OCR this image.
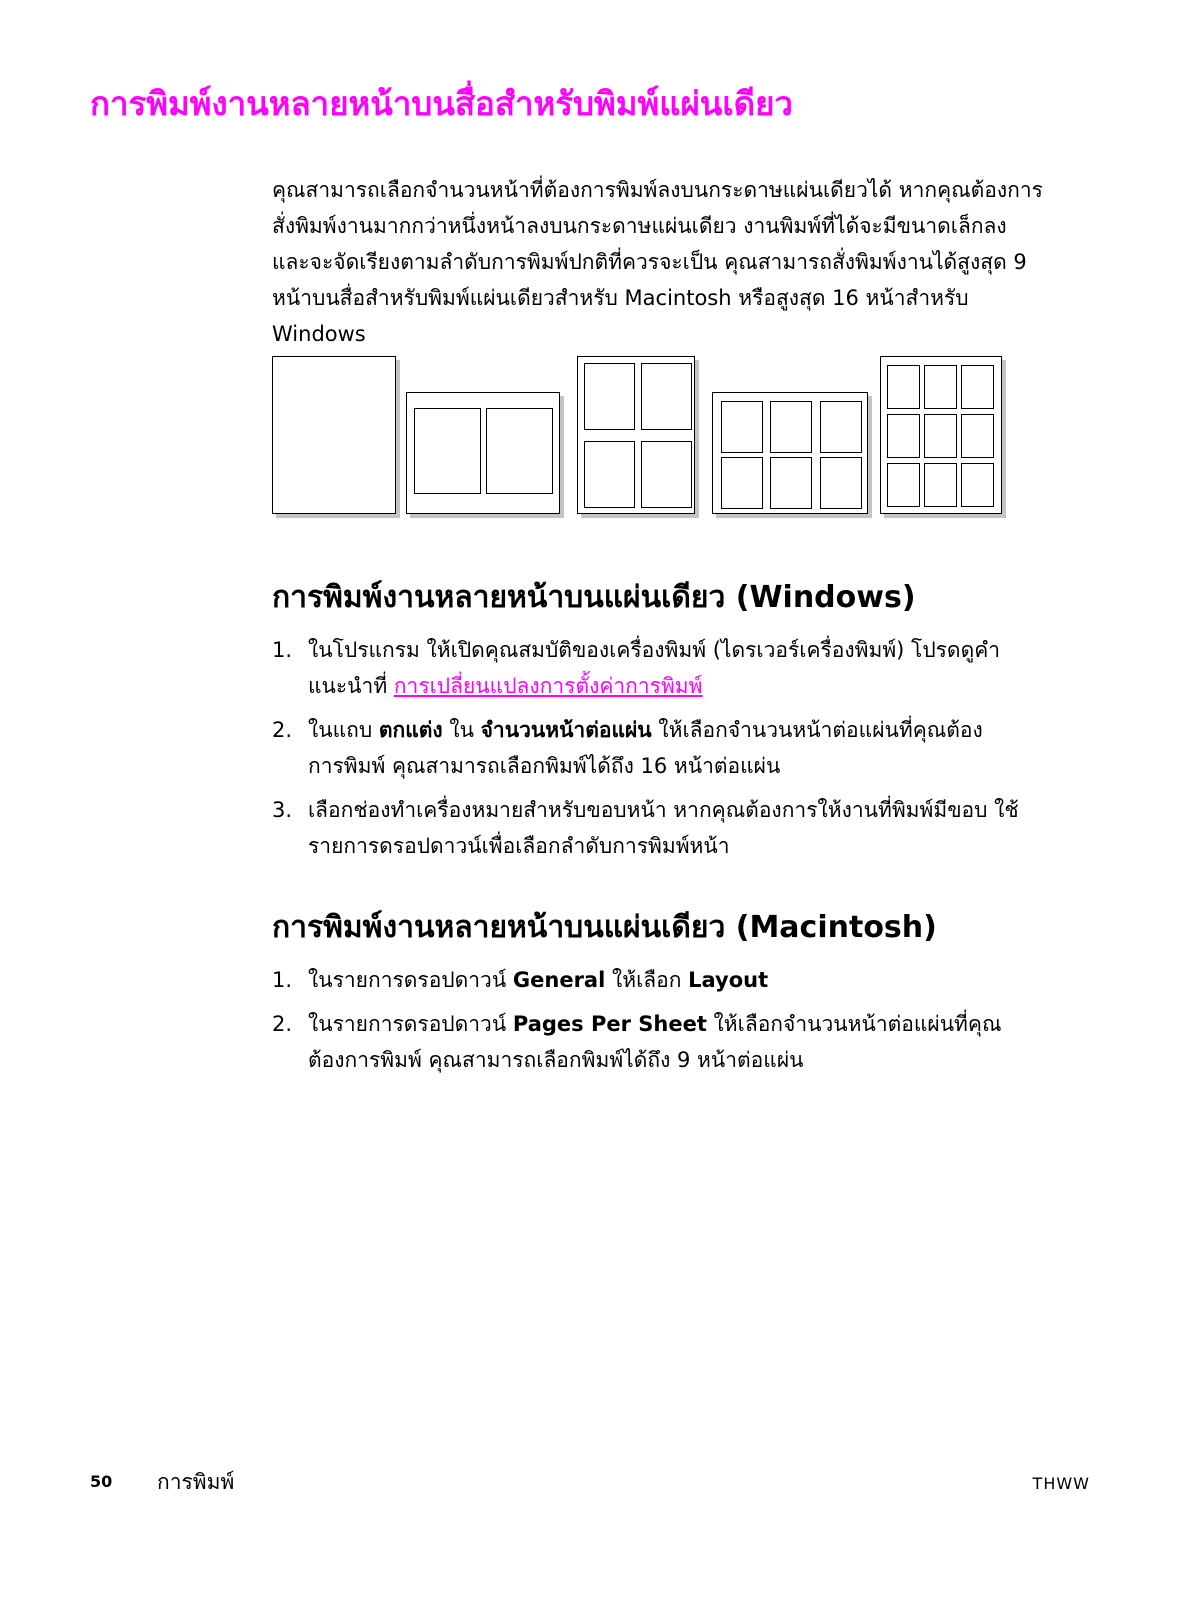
การพิมพ์งานหลายหน้าบนสื่อสำหรับพิมพ์แผ่นเดียว

คุณสามารถเลือกจำนวนหน้าที่ต้องการพิมพ์ลงบนกระดาษแผ่นเดียวได้ หากคุณต้องการ
สั่งพิมพ์งานมากกว่าหนึ่งหน้าลงบนกระดาษแผ่นเดียว งานพิมพ์ที่ได้จะมีขนาดเล็กลง
และจะจัดเรียงตามลำดับการพิมพ์ปกติที่ควรจะเป็น คุณสามารถสั่งพิมพ์งานได้สูงสุด 9
หน้าบนสื่อสำหรับพิมพ์แผ่นเดียวสำหรับ Macintosh หรือสูงสุด 16 หน้าสำหรับ
Windows

การพิมพ์งานหลายหน้าบนแผ่นเดียว (Windows)
1. ในโปรแกรม ให้เปิดคุณสมบัติของเครื่องพิมพ์ (ไดรเวอร์เครื่องพิมพ์) โปรดดูคำ
แนะนำที่ การเปลี่ยนแปลงการตั้งค่าการพิมพ์
2. ในแถบ ตกแต่ง ใน จำนวนหน้าต่อแผ่น ให้เลือกจำนวนหน้าต่อแผ่นที่คุณต้อง
การพิมพ์ คุณสามารถเลือกพิมพ์ได้ถึง 16 หน้าต่อแผ่น
3. เลือกช่องทำเครื่องหมายสำหรับขอบหน้า หากคุณต้องการให้งานที่พิมพ์มีขอบ ใช้
รายการดรอปดาวน์เพื่อเลือกลำดับการพิมพ์หน้า
การพิมพ์งานหลายหน้าบนแผ่นเดียว (Macintosh)
1. ในรายการดรอปดาวน์ General ให้เลือก Layout
2. ในรายการดรอปดาวน์ Pages Per Sheet ให้เลือกจำนวนหน้าต่อแผ่นที่คุณ
ต้องการพิมพ์ คุณสามารถเลือกพิมพ์ได้ถึง 9 หน้าต่อแผ่น
50 การพิมพ์	THWW
